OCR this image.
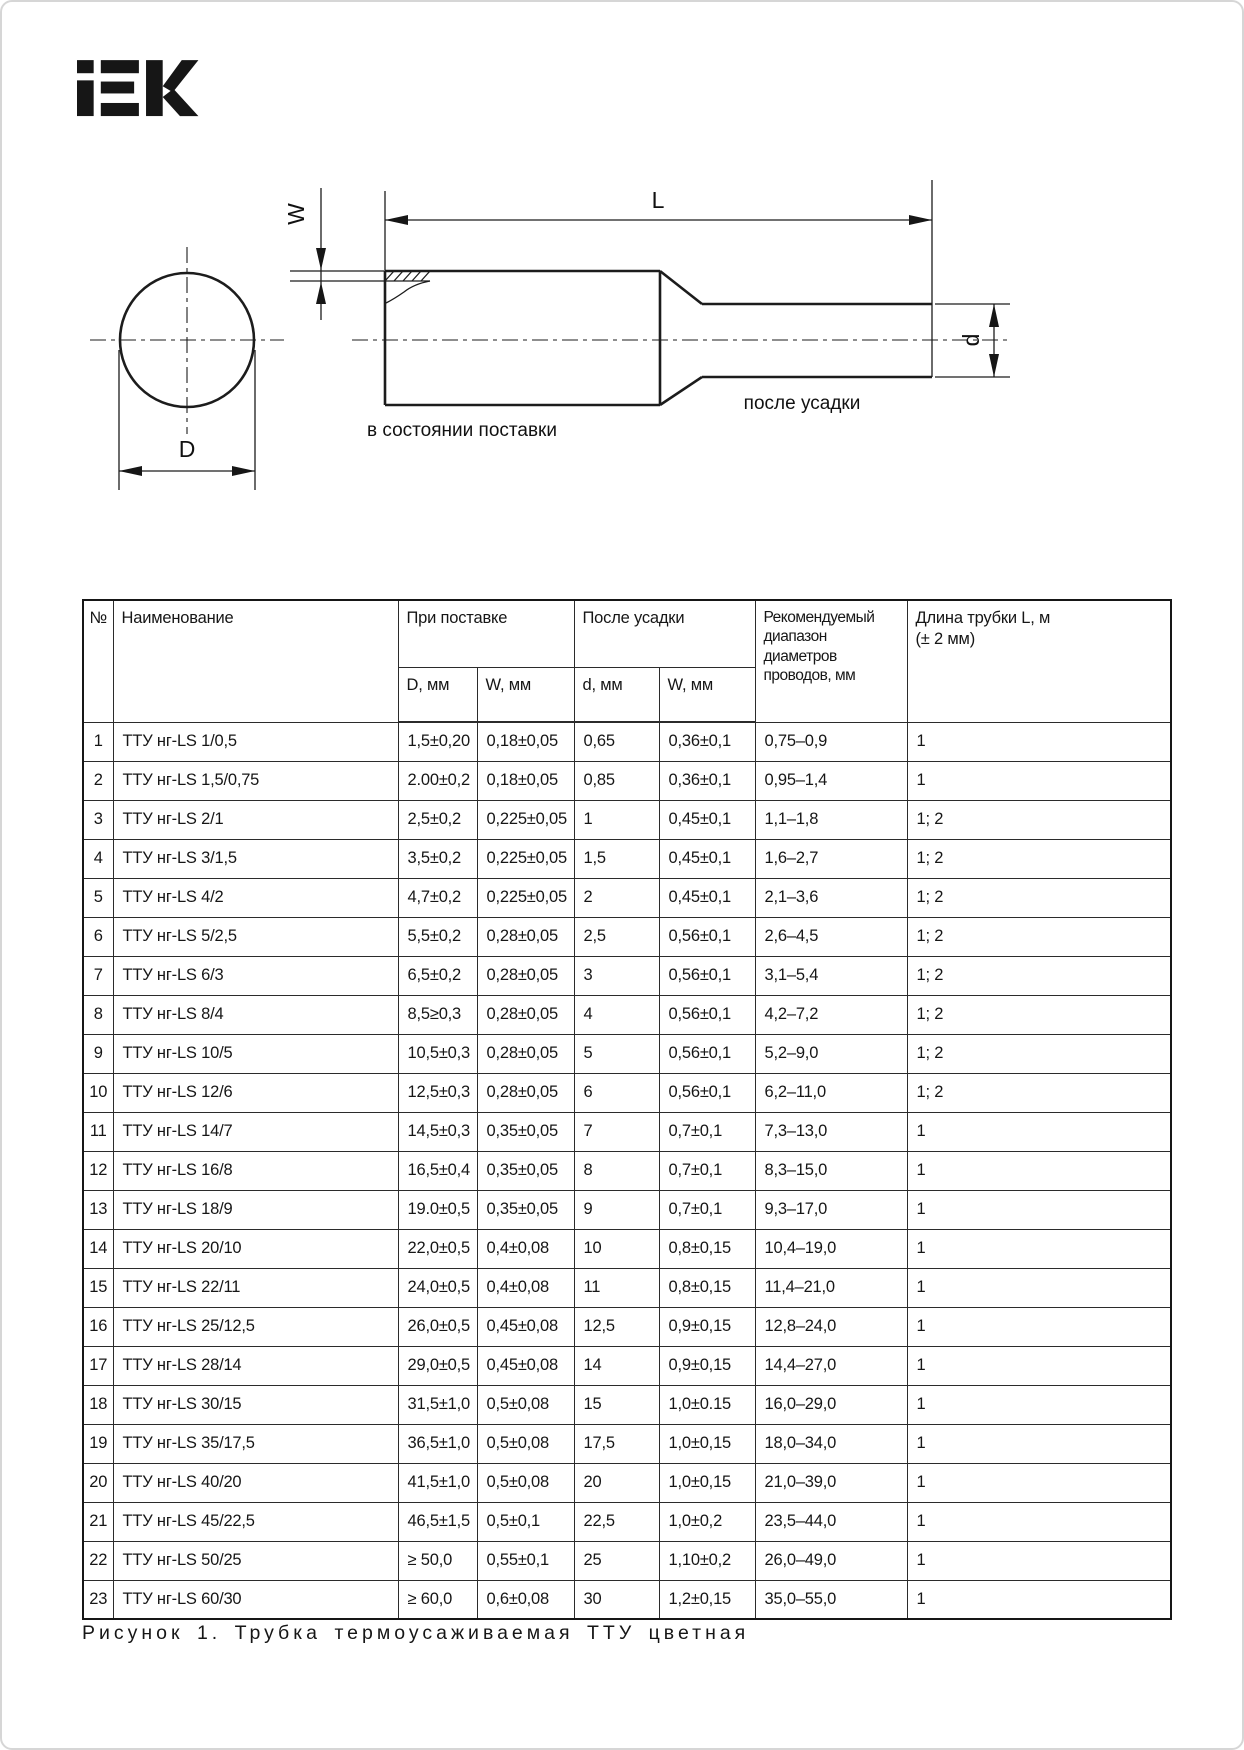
D
W
L
d
в состоянии поставки
после усадки
№	Наименование	При поставке		После усадки		Рекомендуемый диапазон диаметров проводов, мм	Длина трубки L, м
(± 2 мм)

		D, мм	W, мм	d, мм	W, мм		
1	ТТУ нг-LS 1/0,5	1,5±0,20	0,18±0,05	0,65	0,36±0,1	0,75–0,9	1
2	ТТУ нг-LS 1,5/0,75	2.00±0,2	0,18±0,05	0,85	0,36±0,1	0,95–1,4	1
3	ТТУ нг-LS 2/1	2,5±0,2	0,225±0,05	1	0,45±0,1	1,1–1,8	1; 2
4	ТТУ нг-LS 3/1,5	3,5±0,2	0,225±0,05	1,5	0,45±0,1	1,6–2,7	1; 2
5	ТТУ нг-LS 4/2	4,7±0,2	0,225±0,05	2	0,45±0,1	2,1–3,6	1; 2
6	ТТУ нг-LS 5/2,5	5,5±0,2	0,28±0,05	2,5	0,56±0,1	2,6–4,5	1; 2
7	ТТУ нг-LS 6/3	6,5±0,2	0,28±0,05	3	0,56±0,1	3,1–5,4	1; 2
8	ТТУ нг-LS 8/4	8,5≥0,3	0,28±0,05	4	0,56±0,1	4,2–7,2	1; 2
9	ТТУ нг-LS 10/5	10,5±0,3	0,28±0,05	5	0,56±0,1	5,2–9,0	1; 2
10	ТТУ нг-LS 12/6	12,5±0,3	0,28±0,05	6	0,56±0,1	6,2–11,0	1; 2
11	ТТУ нг-LS 14/7	14,5±0,3	0,35±0,05	7	0,7±0,1	7,3–13,0	1
12	ТТУ нг-LS 16/8	16,5±0,4	0,35±0,05	8	0,7±0,1	8,3–15,0	1
13	ТТУ нг-LS 18/9	19.0±0,5	0,35±0,05	9	0,7±0,1	9,3–17,0	1
14	ТТУ нг-LS 20/10	22,0±0,5	0,4±0,08	10	0,8±0,15	10,4–19,0	1
15	ТТУ нг-LS 22/11	24,0±0,5	0,4±0,08	11	0,8±0,15	11,4–21,0	1
16	ТТУ нг-LS 25/12,5	26,0±0,5	0,45±0,08	12,5	0,9±0,15	12,8–24,0	1
17	ТТУ нг-LS 28/14	29,0±0,5	0,45±0,08	14	0,9±0,15	14,4–27,0	1
18	ТТУ нг-LS 30/15	31,5±1,0	0,5±0,08	15	1,0±0.15	16,0–29,0	1
19	ТТУ нг-LS 35/17,5	36,5±1,0	0,5±0,08	17,5	1,0±0,15	18,0–34,0	1
20	ТТУ нг-LS 40/20	41,5±1,0	0,5±0,08	20	1,0±0,15	21,0–39,0	1
21	ТТУ нг-LS 45/22,5	46,5±1,5	0,5±0,1	22,5	1,0±0,2	23,5–44,0	1
22	ТТУ нг-LS 50/25	≥ 50,0	0,55±0,1	25	1,10±0,2	26,0–49,0	1
23	ТТУ нг-LS 60/30	≥ 60,0	0,6±0,08	30	1,2±0,15	35,0–55,0	1
Рисунок 1. Трубка термоусаживаемая ТТУ цветная
